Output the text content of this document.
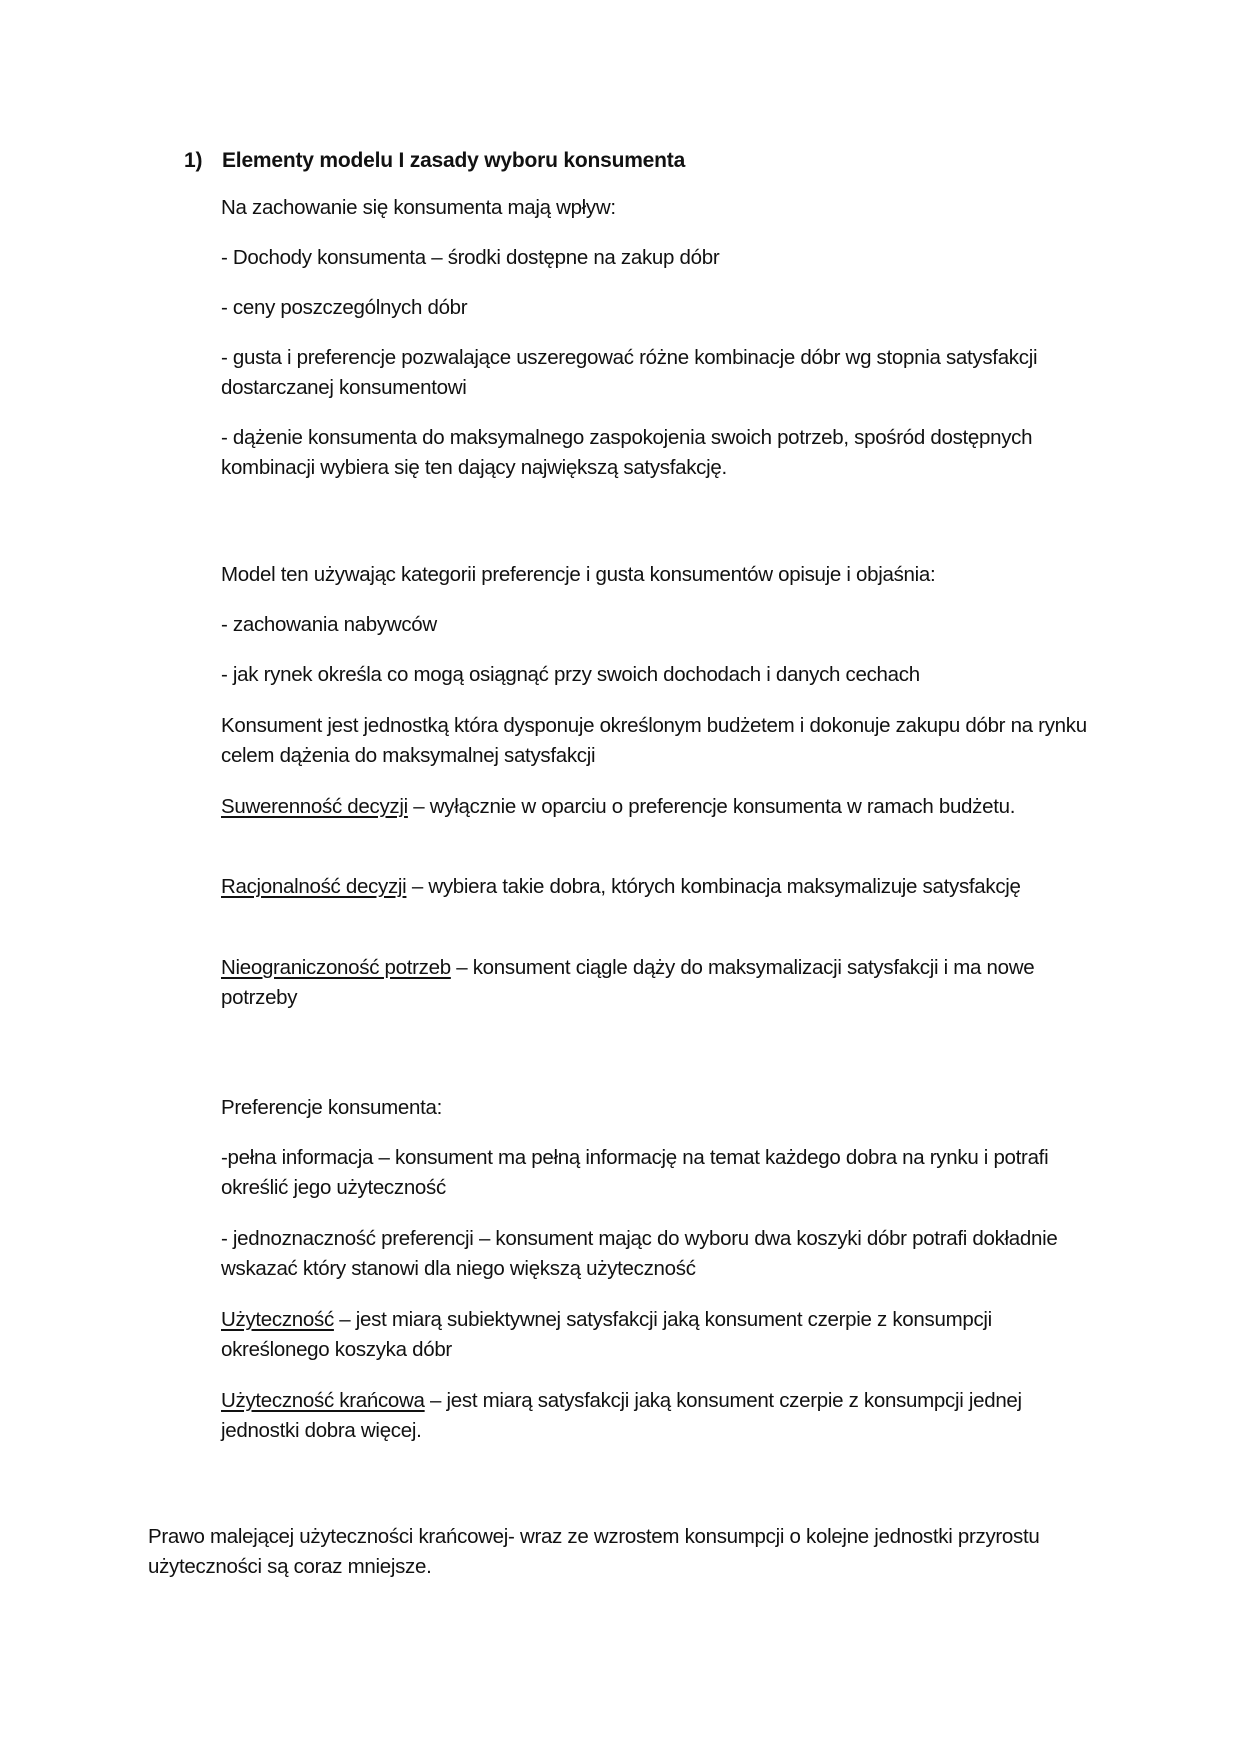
1) Elementy modelu I zasady wyboru konsumenta
Na zachowanie się konsumenta mają wpływ:
- Dochody konsumenta – środki dostępne na zakup dóbr
- ceny poszczególnych dóbr
- gusta i preferencje pozwalające uszeregować różne kombinacje dóbr wg stopnia satysfakcji dostarczanej konsumentowi
- dążenie konsumenta do maksymalnego zaspokojenia swoich potrzeb, spośród dostępnych kombinacji wybiera się ten dający największą satysfakcję.
Model ten używając kategorii preferencje i gusta konsumentów opisuje i objaśnia:
- zachowania nabywców
- jak rynek określa co mogą osiągnąć przy swoich dochodach i danych cechach
Konsument jest jednostką która dysponuje określonym budżetem i dokonuje zakupu dóbr na rynku celem dążenia do maksymalnej satysfakcji
Suwerenność decyzji – wyłącznie w oparciu o preferencje konsumenta w ramach budżetu.
Racjonalność decyzji – wybiera takie dobra, których kombinacja maksymalizuje satysfakcję
Nieograniczoność potrzeb – konsument ciągle dąży do maksymalizacji satysfakcji i ma nowe potrzeby
Preferencje konsumenta:
-pełna informacja – konsument ma pełną informację na temat każdego dobra na rynku i potrafi określić jego użyteczność
- jednoznaczność preferencji – konsument mając do wyboru dwa koszyki dóbr potrafi dokładnie wskazać który stanowi dla niego większą użyteczność
Użyteczność – jest miarą subiektywnej satysfakcji jaką konsument czerpie z konsumpcji określonego koszyka dóbr
Użyteczność krańcowa – jest miarą satysfakcji jaką konsument czerpie z konsumpcji jednej jednostki dobra więcej.
Prawo malejącej użyteczności krańcowej- wraz ze wzrostem konsumpcji o kolejne jednostki przyrostu użyteczności są coraz mniejsze.
